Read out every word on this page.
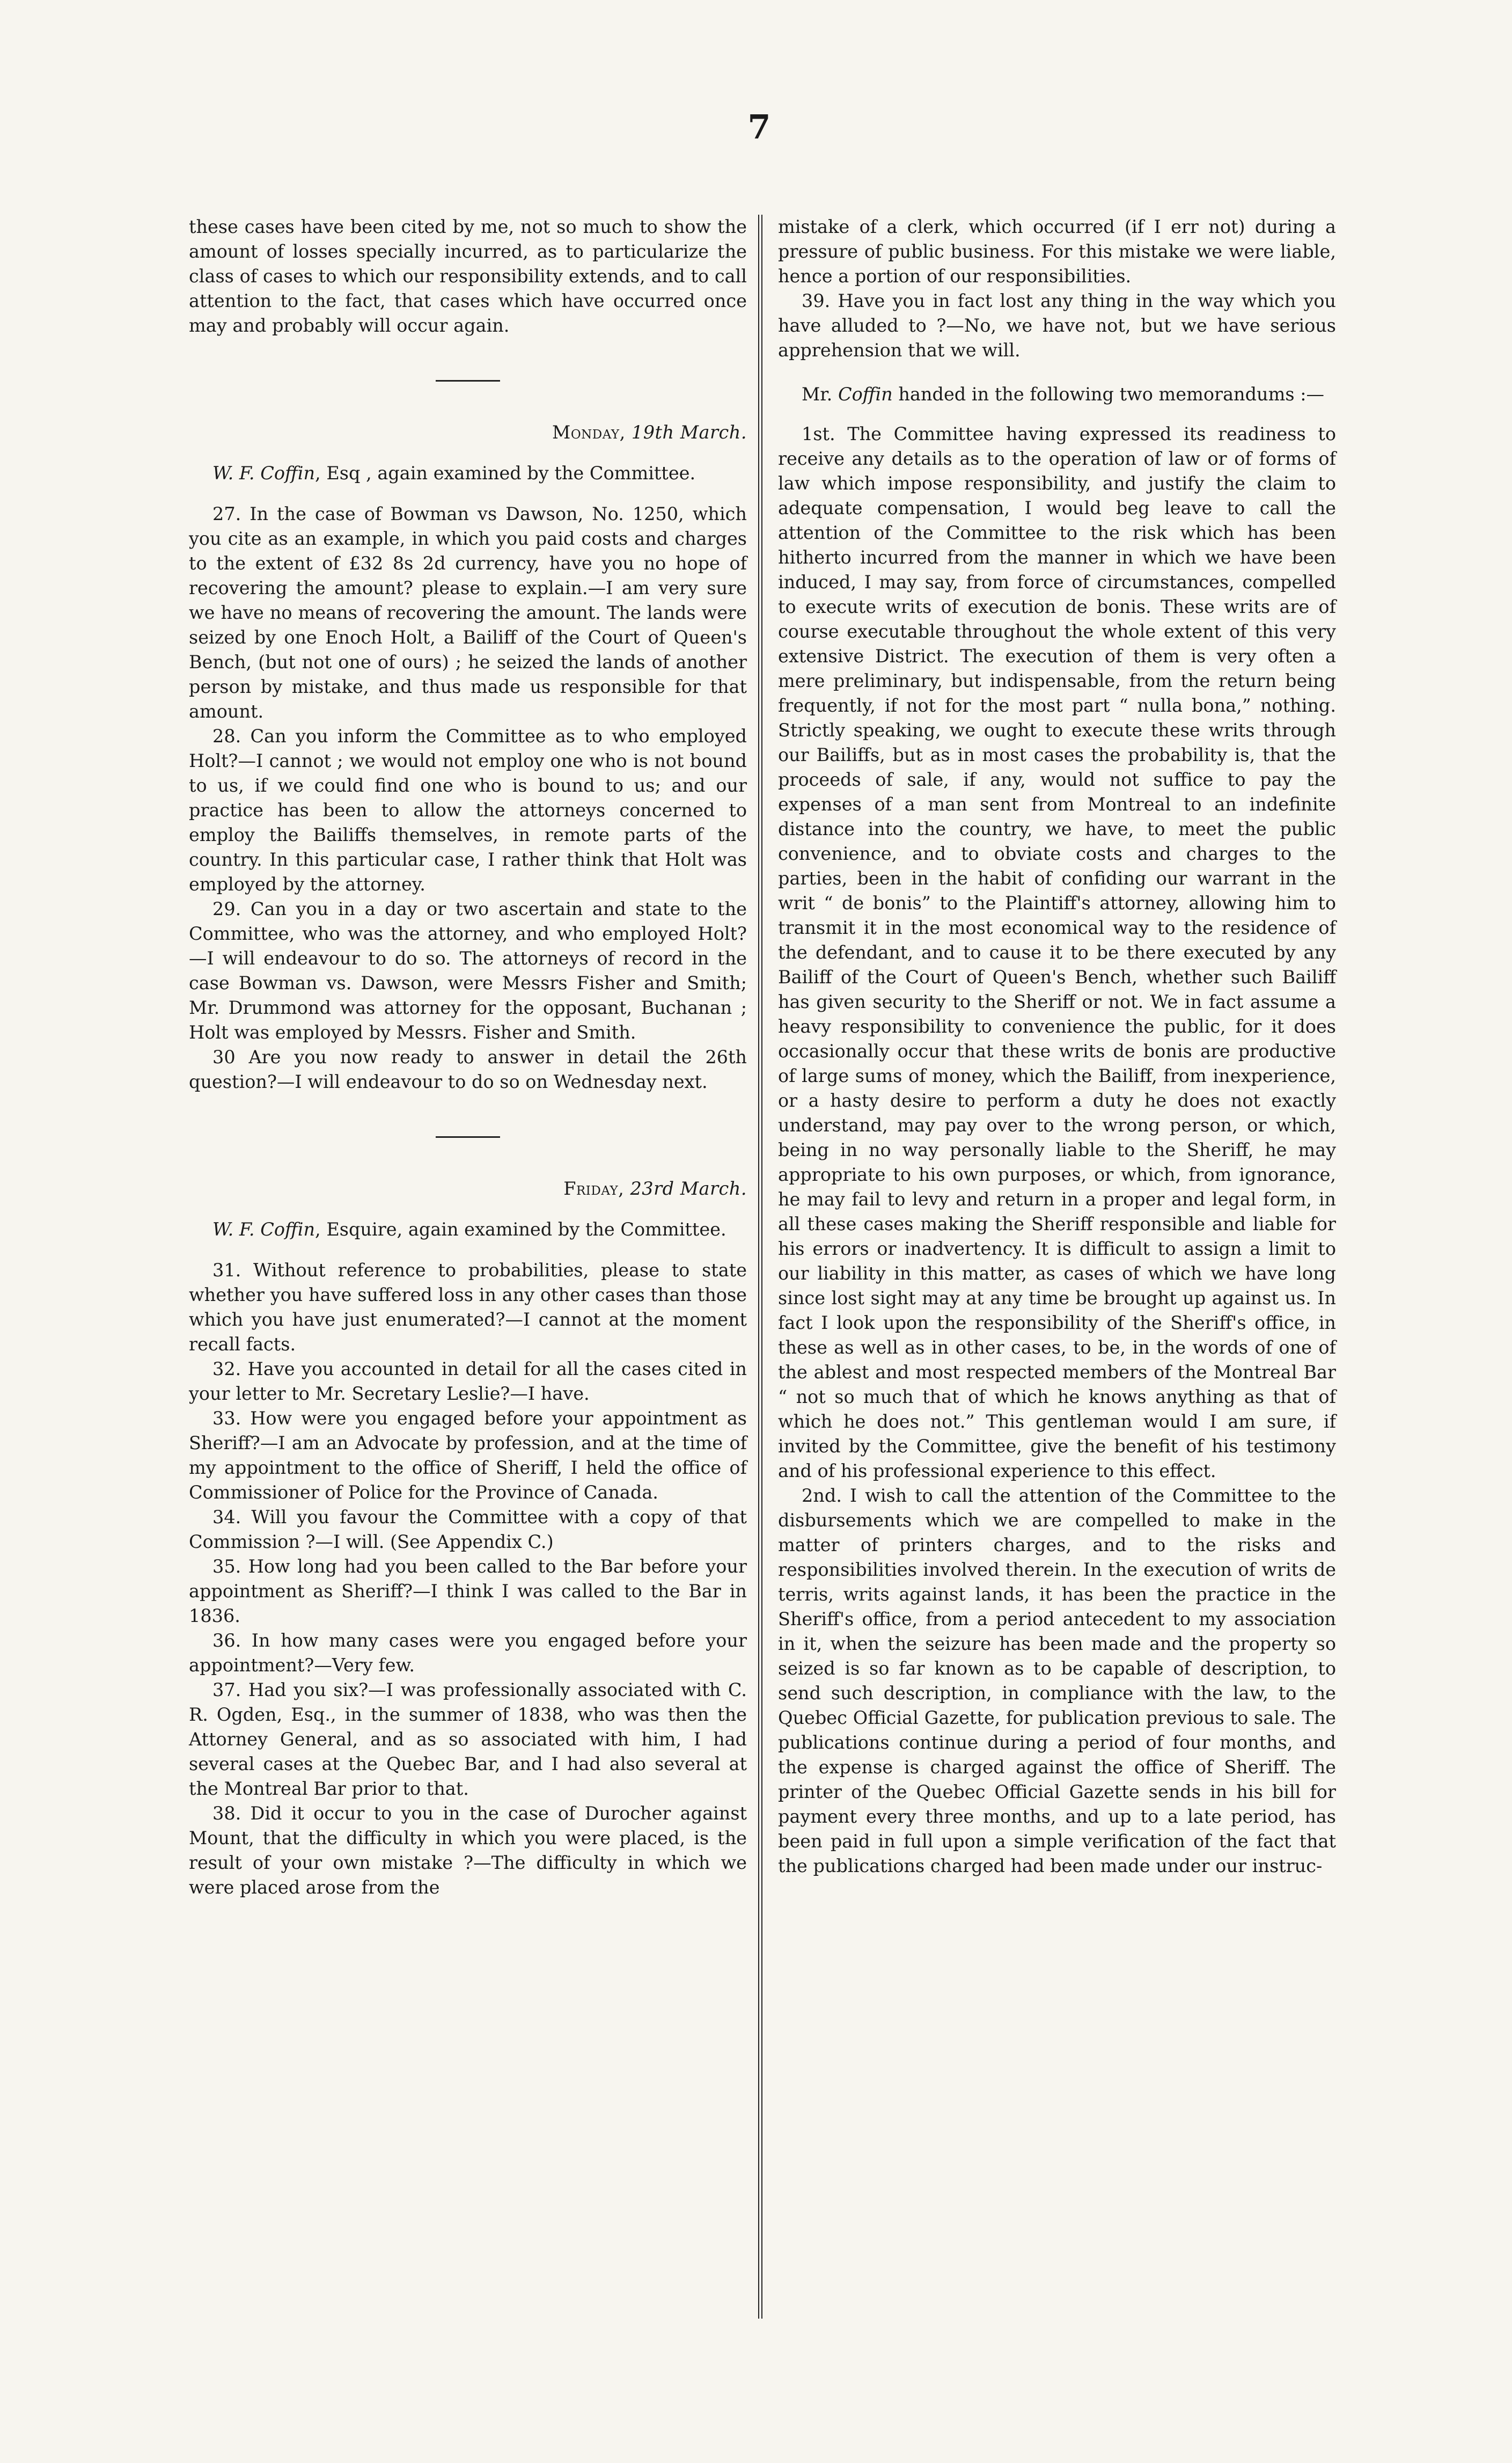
7

these cases have been cited by me, not so much to show the amount of losses specially incurred, as to particularize the class of cases to which our responsibility extends, and to call attention to the fact, that cases which have occurred once may and probably will occur again.

Monday, 19th March.

W. F. Coffin, Esq , again examined by the Committee.

27. In the case of Bowman vs Dawson, No. 1250, which you cite as an example, in which you paid costs and charges to the extent of £32 8s 2d currency, have you no hope of recovering the amount? please to explain.—I am very sure we have no means of recovering the amount. The lands were seized by one Enoch Holt, a Bailiff of the Court of Queen's Bench, (but not one of ours) ; he seized the lands of another person by mistake, and thus made us responsible for that amount.

28. Can you inform the Committee as to who employed Holt?—I cannot ; we would not employ one who is not bound to us, if we could find one who is bound to us; and our practice has been to allow the attorneys concerned to employ the Bailiffs themselves, in remote parts of the country. In this particular case, I rather think that Holt was employed by the attorney.

29. Can you in a day or two ascertain and state to the Committee, who was the attorney, and who employed Holt?—I will endeavour to do so. The attorneys of record in the case Bowman vs. Dawson, were Messrs Fisher and Smith; Mr. Drummond was attorney for the opposant, Buchanan ; Holt was employed by Messrs. Fisher and Smith.

30 Are you now ready to answer in detail the 26th question?—I will endeavour to do so on Wednesday next.

Friday, 23rd March.

W. F. Coffin, Esquire, again examined by the Committee.

31. Without reference to probabilities, please to state whether you have suffered loss in any other cases than those which you have just enumerated?—I cannot at the moment recall facts.

32. Have you accounted in detail for all the cases cited in your letter to Mr. Secretary Leslie?—I have.

33. How were you engaged before your appointment as Sheriff?—I am an Advocate by profession, and at the time of my appointment to the office of Sheriff, I held the office of Commissioner of Police for the Province of Canada.

34. Will you favour the Committee with a copy of that Commission ?—I will. (See Appendix C.)

35. How long had you been called to the Bar before your appointment as Sheriff?—I think I was called to the Bar in 1836.

36. In how many cases were you engaged before your appointment?—Very few.

37. Had you six?—I was professionally associated with C. R. Ogden, Esq., in the summer of 1838, who was then the Attorney General, and as so associated with him, I had several cases at the Quebec Bar, and I had also several at the Montreal Bar prior to that.

38. Did it occur to you in the case of Durocher against Mount, that the difficulty in which you were placed, is the result of your own mistake ?—The difficulty in which we were placed arose from the

mistake of a clerk, which occurred (if I err not) during a pressure of public business. For this mistake we were liable, hence a portion of our responsibilities.

39. Have you in fact lost any thing in the way which you have alluded to ?—No, we have not, but we have serious apprehension that we will.

Mr. Coffin handed in the following two memorandums :—

1st. The Committee having expressed its readiness to receive any details as to the operation of law or of forms of law which impose responsibility, and justify the claim to adequate compensation, I would beg leave to call the attention of the Committee to the risk which has been hitherto incurred from the manner in which we have been induced, I may say, from force of circumstances, compelled to execute writs of execution de bonis. These writs are of course executable throughout the whole extent of this very extensive District. The execution of them is very often a mere preliminary, but indispensable, from the return being frequently, if not for the most part “ nulla bona,” nothing. Strictly speaking, we ought to execute these writs through our Bailiffs, but as in most cases the probability is, that the proceeds of sale, if any, would not suffice to pay the expenses of a man sent from Montreal to an indefinite distance into the country, we have, to meet the public convenience, and to obviate costs and charges to the parties, been in the habit of confiding our warrant in the writ “ de bonis” to the Plaintiff's attorney, allowing him to transmit it in the most economical way to the residence of the defendant, and to cause it to be there executed by any Bailiff of the Court of Queen's Bench, whether such Bailiff has given security to the Sheriff or not. We in fact assume a heavy responsibility to convenience the public, for it does occasionally occur that these writs de bonis are productive of large sums of money, which the Bailiff, from inexperience, or a hasty desire to perform a duty he does not exactly understand, may pay over to the wrong person, or which, being in no way personally liable to the Sheriff, he may appropriate to his own purposes, or which, from ignorance, he may fail to levy and return in a proper and legal form, in all these cases making the Sheriff responsible and liable for his errors or inadvertency. It is difficult to assign a limit to our liability in this matter, as cases of which we have long since lost sight may at any time be brought up against us. In fact I look upon the responsibility of the Sheriff's office, in these as well as in other cases, to be, in the words of one of the ablest and most respected members of the Montreal Bar “ not so much that of which he knows anything as that of which he does not.” This gentleman would I am sure, if invited by the Committee, give the benefit of his testimony and of his professional experience to this effect.

2nd. I wish to call the attention of the Committee to the disbursements which we are compelled to make in the matter of printers charges, and to the risks and responsibilities involved therein. In the execution of writs de terris, writs against lands, it has been the practice in the Sheriff's office, from a period antecedent to my association in it, when the seizure has been made and the property so seized is so far known as to be capable of description, to send such description, in compliance with the law, to the Quebec Official Gazette, for publication previous to sale. The publications continue during a period of four months, and the expense is charged against the office of Sheriff. The printer of the Quebec Official Gazette sends in his bill for payment every three months, and up to a late period, has been paid in full upon a simple verification of the fact that the publications charged had been made under our instruc-
